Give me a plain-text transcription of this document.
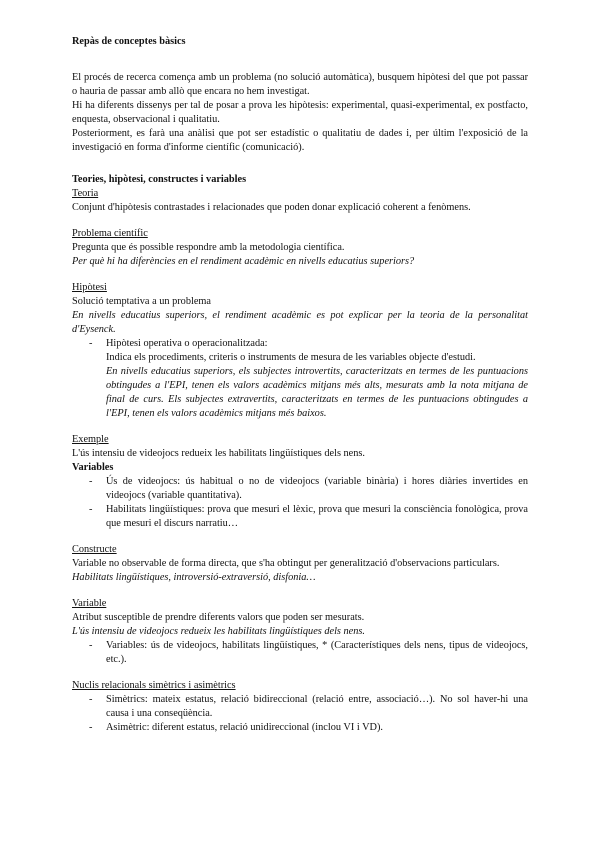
Repàs de conceptes bàsics

El procés de recerca comença amb un problema (no solució automàtica), busquem hipòtesi del que pot passar o hauria de passar amb allò que encara no hem investigat.

Hi ha diferents dissenys per tal de posar a prova les hipòtesis: experimental, quasi-experimental, ex postfacto, enquesta, observacional i qualitatiu.

Posteriorment, es farà una anàlisi que pot ser estadístic o qualitatiu de dades i, per últim l'exposició de la investigació en forma d'informe científic (comunicació).

Teories, hipòtesi, constructes i variables

Teoria

Conjunt d'hipòtesis contrastades i relacionades que poden donar explicació coherent a fenòmens.

Problema científic

Pregunta que és possible respondre amb la metodologia científica.

Per què hi ha diferències en el rendiment acadèmic en nivells educatius superiors?

Hipòtesi

Solució temptativa a un problema

En nivells educatius superiors, el rendiment acadèmic es pot explicar per la teoria de la personalitat d'Eysenck.

- Hipòtesi operativa o operacionalitzada:

Indica els procediments, criteris o instruments de mesura de les variables objecte d'estudi.

En nivells educatius superiors, els subjectes introvertits, caracteritzats en termes de les puntuacions obtingudes a l'EPI, tenen els valors acadèmics mitjans més alts, mesurats amb la nota mitjana de final de curs. Els subjectes extravertits, caracteritzats en termes de les puntuacions obtingudes a l'EPI, tenen els valors acadèmics mitjans més baixos.

Exemple

L'ús intensiu de videojocs redueix les habilitats lingüístiques dels nens.

Variables

- Ús de videojocs: ús habitual o no de videojocs (variable binària) i hores diàries invertides en videojocs (variable quantitativa).
- Habilitats lingüístiques: prova que mesuri el lèxic, prova que mesuri la consciència fonològica, prova que mesuri el discurs narratiu…

Constructe

Variable no observable de forma directa, que s'ha obtingut per generalització d'observacions particulars.

Habilitats lingüístiques, introversió-extraversió, disfonia…

Variable

Atribut susceptible de prendre diferents valors que poden ser mesurats.

L'ús intensiu de videojocs redueix les habilitats lingüístiques dels nens.

- Variables: ús de videojocs, habilitats lingüístiques, * (Característiques dels nens, tipus de videojocs, etc.).

Nuclis relacionals simètrics i asimètrics

- Simètrics: mateix estatus, relació bidireccional (relació entre, associació…). No sol haver-hi una causa i una conseqüència.
- Asimètric: diferent estatus, relació unidireccional (inclou VI i VD).
